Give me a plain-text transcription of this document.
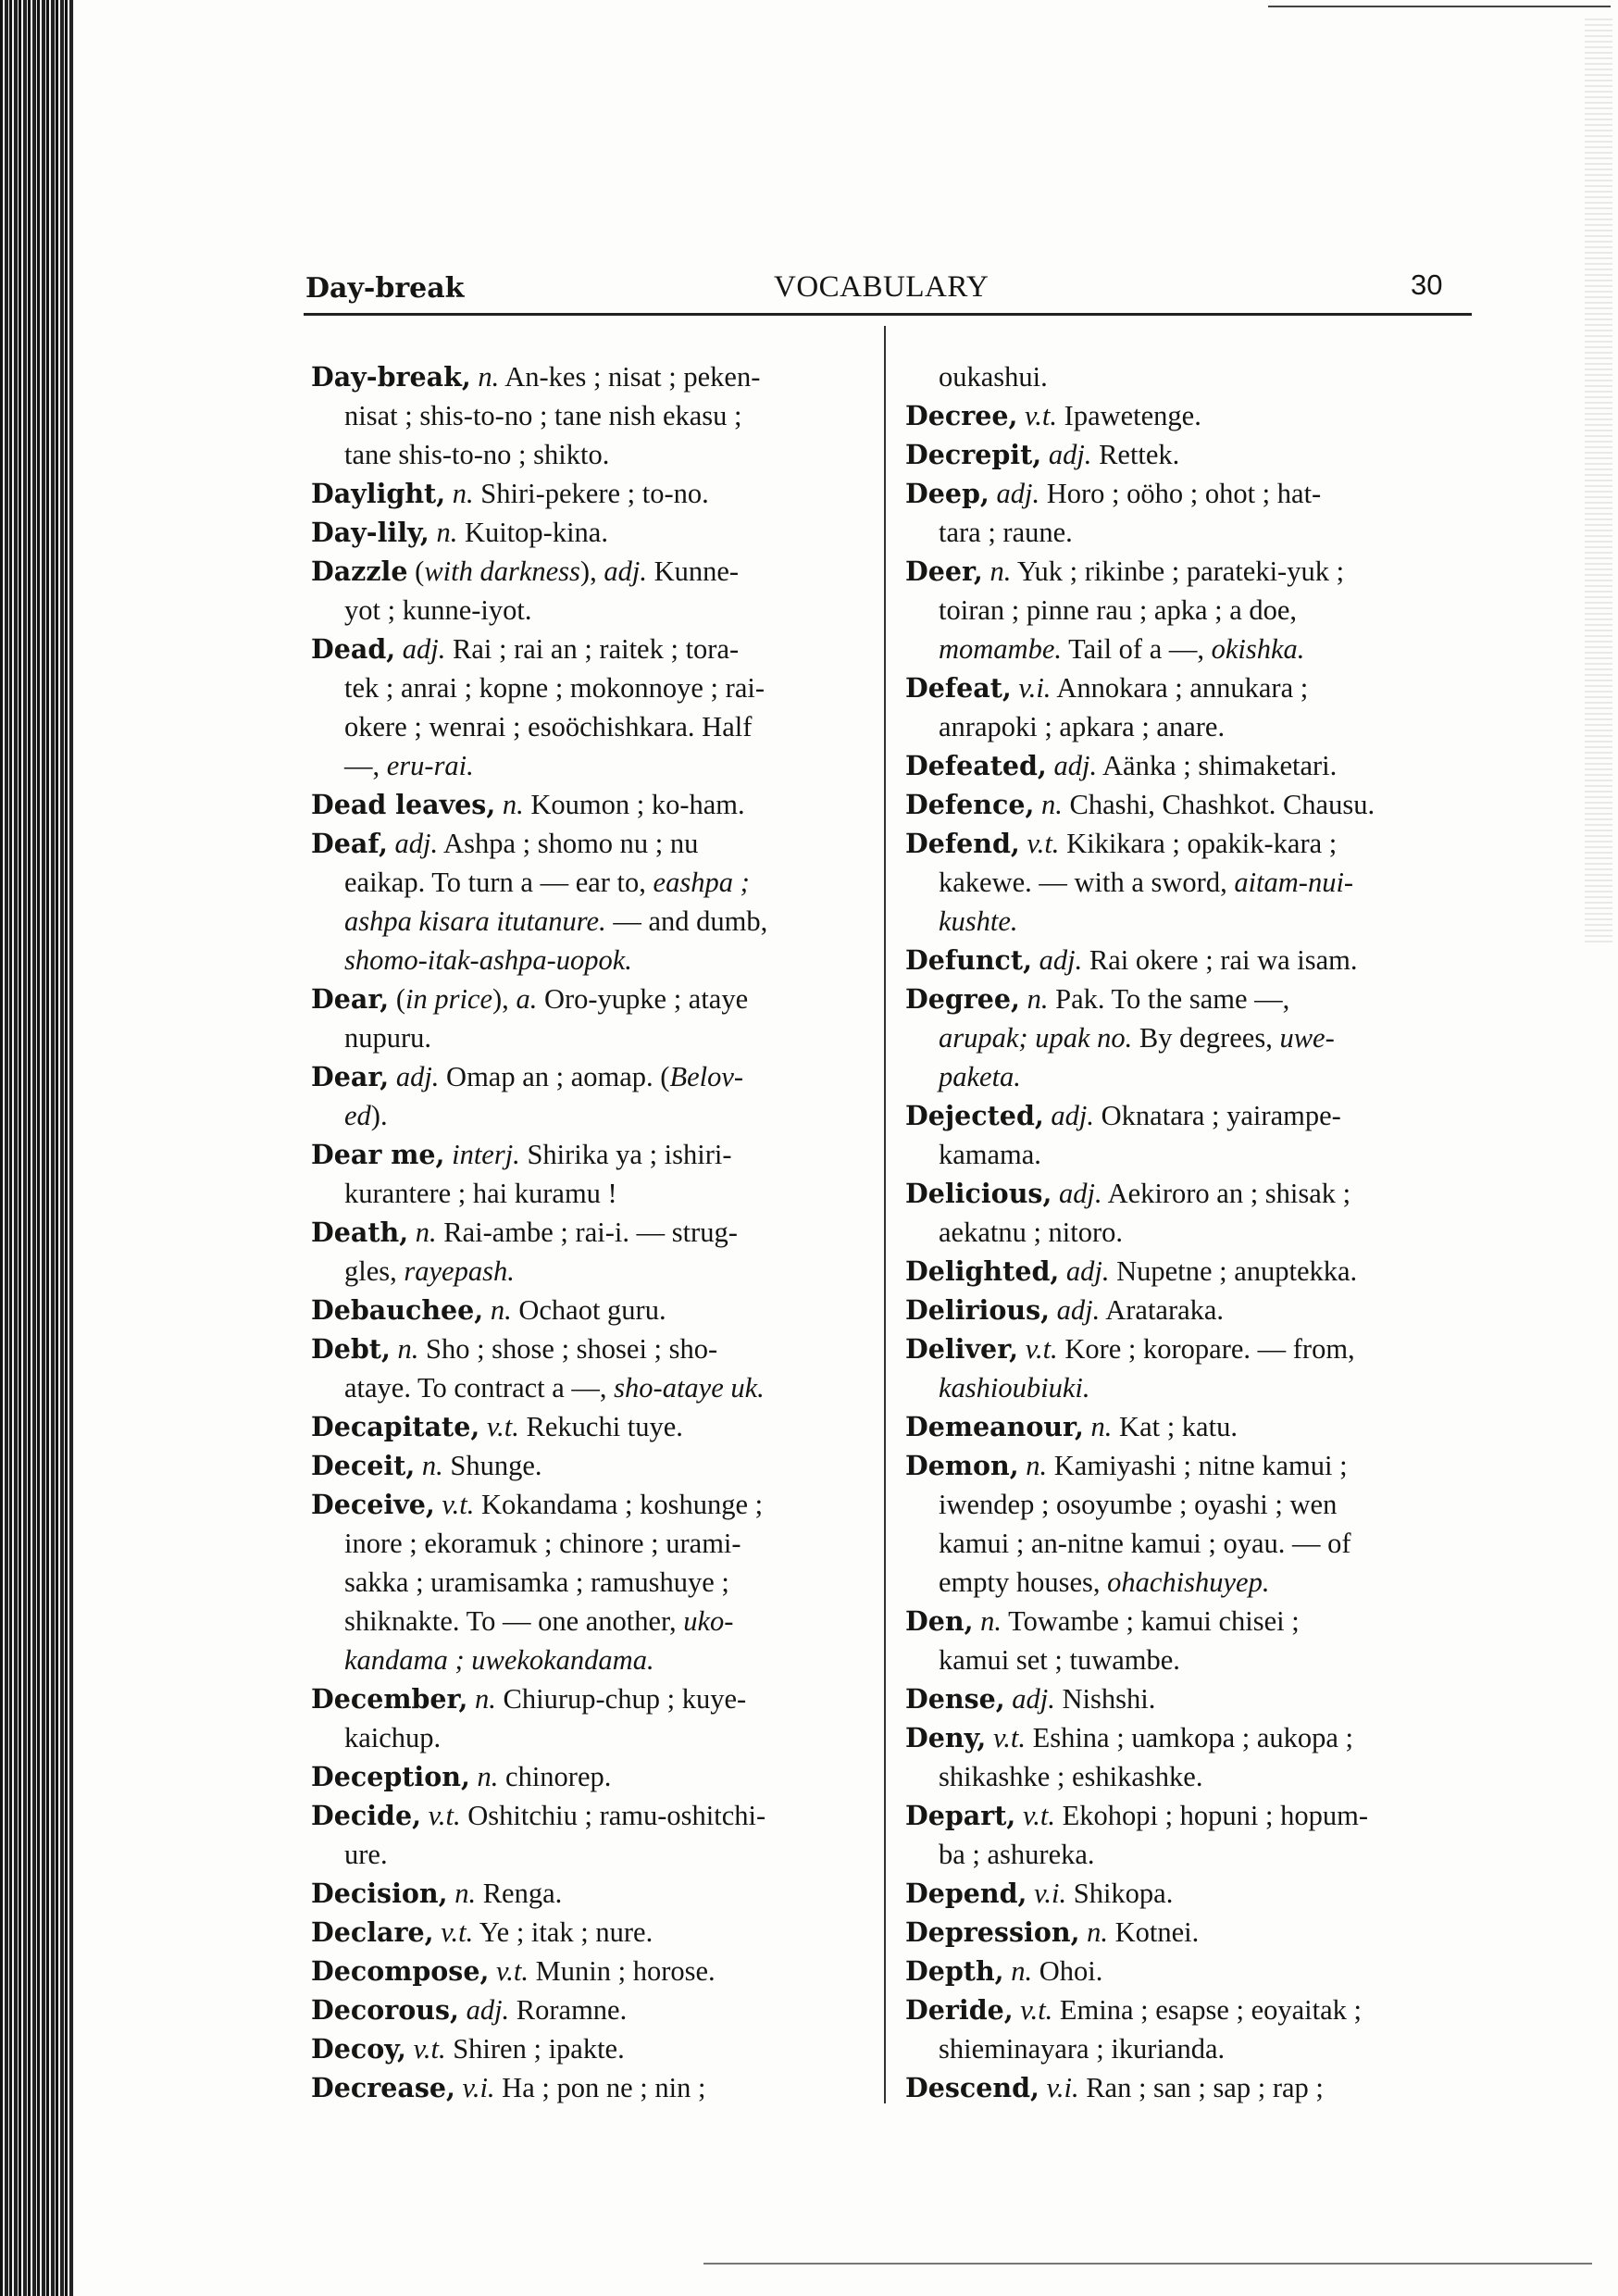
Day-break	VOCABULARY	30
Day-break, n. An-kes ; nisat ; peken-
nisat ; shis-to-no ; tane nish ekasu ;
tane shis-to-no ; shikto.
Daylight, n. Shiri-pekere ; to-no.
Day-lily, n. Kuitop-kina.
Dazzle (with darkness), adj. Kunne-
yot ; kunne-iyot.
Dead, adj. Rai ; rai an ; raitek ; tora-
tek ; anrai ; kopne ; mokonnoye ; rai-
okere ; wenrai ; esoöchishkara. Half
—, eru-rai.
Dead leaves, n. Koumon ; ko-ham.
Deaf, adj. Ashpa ; shomo nu ; nu
eaikap. To turn a — ear to, eashpa ;
ashpa kisara itutanure. — and dumb,
shomo-itak-ashpa-uopok.
Dear, (in price), a. Oro-yupke ; ataye
nupuru.
Dear, adj. Omap an ; aomap. (Belov-
ed).
Dear me, interj. Shirika ya ; ishiri-
kurantere ; hai kuramu !
Death, n. Rai-ambe ; rai-i. — strug-
gles, rayepash.
Debauchee, n. Ochaot guru.
Debt, n. Sho ; shose ; shosei ; sho-
ataye. To contract a —, sho-ataye uk.
Decapitate, v.t. Rekuchi tuye.
Deceit, n. Shunge.
Deceive, v.t. Kokandama ; koshunge ;
inore ; ekoramuk ; chinore ; urami-
sakka ; uramisamka ; ramushuye ;
shiknakte. To — one another, uko-
kandama ; uwekokandama.
December, n. Chiurup-chup ; kuye-
kaichup.
Deception, n. chinorep.
Decide, v.t. Oshitchiu ; ramu-oshitchi-
ure.
Decision, n. Renga.
Declare, v.t. Ye ; itak ; nure.
Decompose, v.t. Munin ; horose.
Decorous, adj. Roramne.
Decoy, v.t. Shiren ; ipakte.
Decrease, v.i. Ha ; pon ne ; nin ;
oukashui.
Decree, v.t. Ipawetenge.
Decrepit, adj. Rettek.
Deep, adj. Horo ; oöho ; ohot ; hat-
tara ; raune.
Deer, n. Yuk ; rikinbe ; parateki-yuk ;
toiran ; pinne rau ; apka ; a doe,
momambe. Tail of a —, okishka.
Defeat, v.i. Annokara ; annukara ;
anrapoki ; apkara ; anare.
Defeated, adj. Aänka ; shimaketari.
Defence, n. Chashi, Chashkot. Chausu.
Defend, v.t. Kikikara ; opakik-kara ;
kakewe. — with a sword, aitam-nui-
kushte.
Defunct, adj. Rai okere ; rai wa isam.
Degree, n. Pak. To the same —,
arupak; upak no. By degrees, uwe-
paketa.
Dejected, adj. Oknatara ; yairampe-
kamama.
Delicious, adj. Aekiroro an ; shisak ;
aekatnu ; nitoro.
Delighted, adj. Nupetne ; anuptekka.
Delirious, adj. Arataraka.
Deliver, v.t. Kore ; koropare. — from,
kashioubiuki.
Demeanour, n. Kat ; katu.
Demon, n. Kamiyashi ; nitne kamui ;
iwendep ; osoyumbe ; oyashi ; wen
kamui ; an-nitne kamui ; oyau. — of
empty houses, ohachishuyep.
Den, n. Towambe ; kamui chisei ;
kamui set ; tuwambe.
Dense, adj. Nishshi.
Deny, v.t. Eshina ; uamkopa ; aukopa ;
shikashke ; eshikashke.
Depart, v.t. Ekohopi ; hopuni ; hopum-
ba ; ashureka.
Depend, v.i. Shikopa.
Depression, n. Kotnei.
Depth, n. Ohoi.
Deride, v.t. Emina ; esapse ; eoyaitak ;
shieminayara ; ikurianda.
Descend, v.i. Ran ; san ; sap ; rap ;
